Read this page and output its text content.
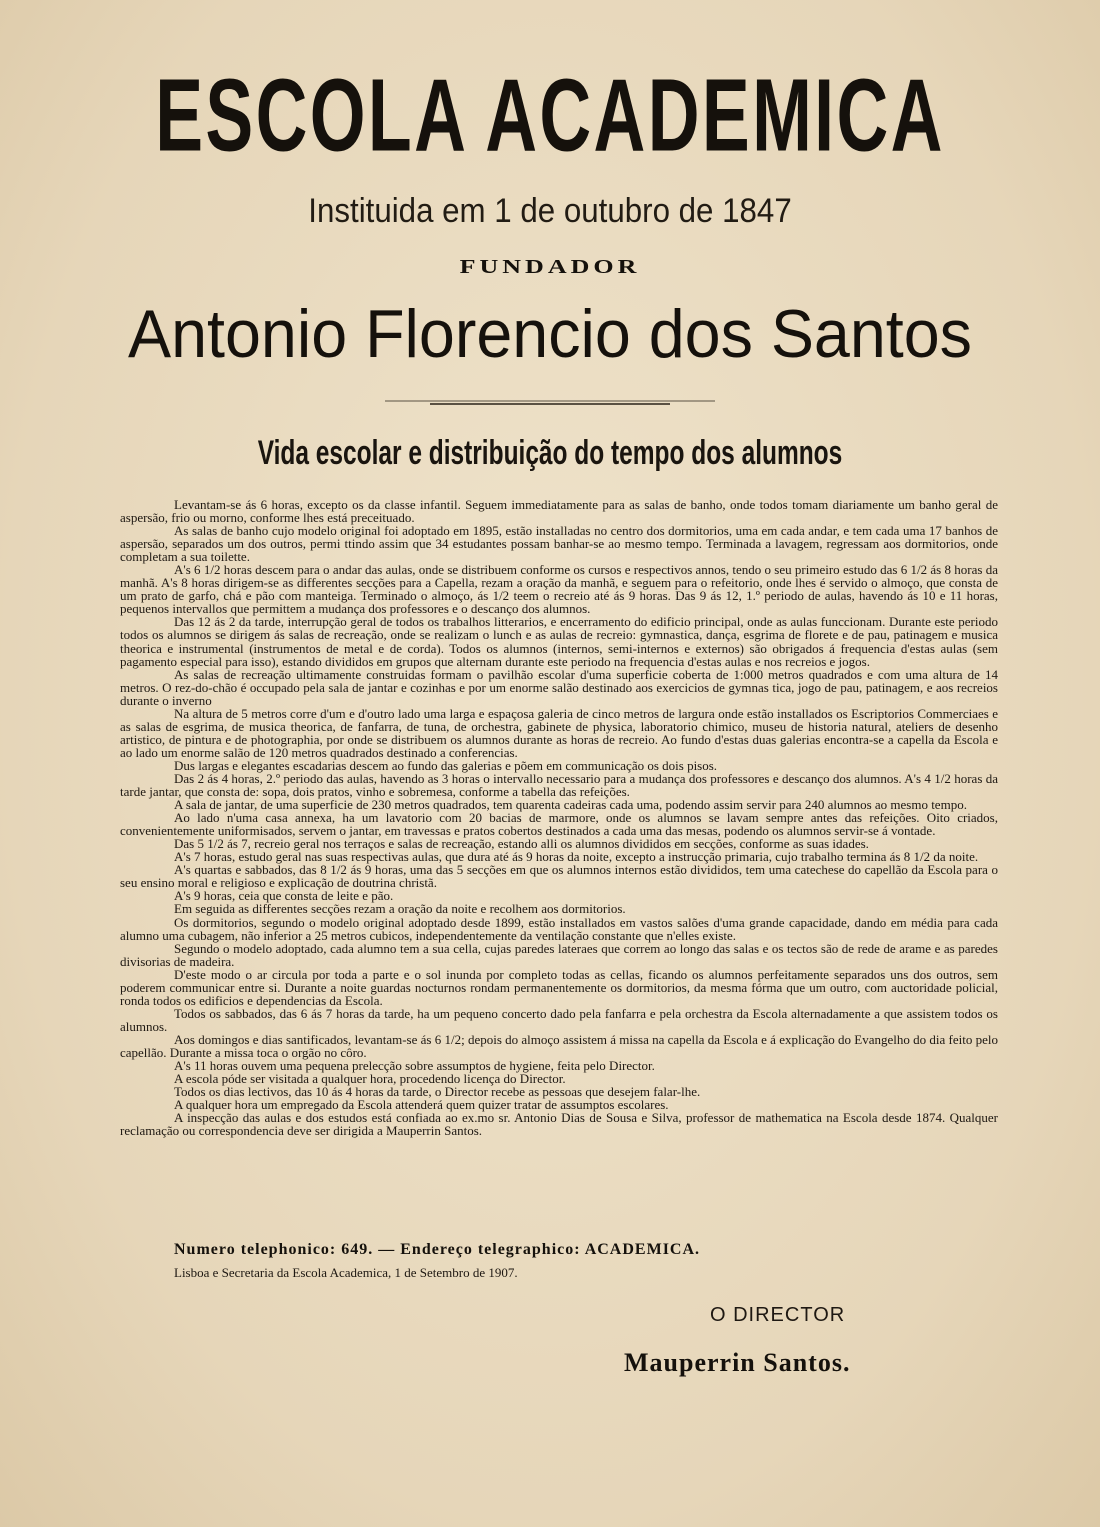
ESCOLA ACADEMICA
Instituida em 1 de outubro de 1847
FUNDADOR
Antonio Florencio dos Santos
Vida escolar e distribuição do tempo dos alumnos

Levantam-se ás 6 horas, excepto os da classe infantil. Seguem immediatamente para as salas de banho, onde todos tomam diariamente um banho geral de aspersão, frio ou morno, conforme lhes está preceituado.

As salas de banho cujo modelo original foi adoptado em 1895, estão installadas no centro dos dormitorios, uma em cada andar, e tem cada uma 17 banhos de aspersão, separados um dos outros, permi ttindo assim que 34 estudantes possam banhar-se ao mesmo tempo. Terminada a lavagem, regressam aos dormitorios, onde completam a sua toilette.

A's 6 1/2 horas descem para o andar das aulas, onde se distribuem conforme os cursos e respectivos annos, tendo o seu primeiro estudo das 6 1/2 ás 8 horas da manhã. A's 8 horas dirigem-se as differentes secções para a Capella, rezam a oração da manhã, e seguem para o refeitorio, onde lhes é servido o almoço, que consta de um prato de garfo, chá e pão com manteiga. Terminado o almoço, ás 1/2 teem o recreio até ás 9 horas. Das 9 ás 12, 1.º periodo de aulas, havendo ás 10 e 11 horas, pequenos intervallos que permittem a mudança dos professores e o descanço dos alumnos.

Das 12 ás 2 da tarde, interrupção geral de todos os trabalhos litterarios, e encerramento do edificio principal, onde as aulas funccionam. Durante este periodo todos os alumnos se dirigem ás salas de recreação, onde se realizam o lunch e as aulas de recreio: gymnastica, dança, esgrima de florete e de pau, patinagem e musica theorica e instrumental (instrumentos de metal e de corda). Todos os alumnos (internos, semi-internos e externos) são obrigados á frequencia d'estas aulas (sem pagamento especial para isso), estando divididos em grupos que alternam durante este periodo na frequencia d'estas aulas e nos recreios e jogos.

As salas de recreação ultimamente construidas formam o pavilhão escolar d'uma superficie coberta de 1:000 metros quadrados e com uma altura de 14 metros. O rez-do-chão é occupado pela sala de jantar e cozinhas e por um enorme salão destinado aos exercicios de gymnas tica, jogo de pau, patinagem, e aos recreios durante o inverno

Na altura de 5 metros corre d'um e d'outro lado uma larga e espaçosa galeria de cinco metros de largura onde estão installados os Escriptorios Commerciaes e as salas de esgrima, de musica theorica, de fanfarra, de tuna, de orchestra, gabinete de physica, laboratorio chimico, museu de historia natural, ateliers de desenho artistico, de pintura e de photographia, por onde se distribuem os alumnos durante as horas de recreio. Ao fundo d'estas duas galerias encontra-se a capella da Escola e ao lado um enorme salão de 120 metros quadrados destinado a conferencias.

Dus largas e elegantes escadarias descem ao fundo das galerias e põem em communicação os dois pisos.

Das 2 ás 4 horas, 2.º periodo das aulas, havendo as 3 horas o intervallo necessario para a mudança dos professores e descanço dos alumnos. A's 4 1/2 horas da tarde jantar, que consta de: sopa, dois pratos, vinho e sobremesa, conforme a tabella das refeições.

A sala de jantar, de uma superficie de 230 metros quadrados, tem quarenta cadeiras cada uma, podendo assim servir para 240 alumnos ao mesmo tempo.

Ao lado n'uma casa annexa, ha um lavatorio com 20 bacias de marmore, onde os alumnos se lavam sempre antes das refeições. Oito criados, convenientemente uniformisados, servem o jantar, em travessas e pratos cobertos destinados a cada uma das mesas, podendo os alumnos servir-se á vontade.

Das 5 1/2 ás 7, recreio geral nos terraços e salas de recreação, estando alli os alumnos divididos em secções, conforme as suas idades.

A's 7 horas, estudo geral nas suas respectivas aulas, que dura até ás 9 horas da noite, excepto a instrucção primaria, cujo trabalho termina ás 8 1/2 da noite.

A's quartas e sabbados, das 8 1/2 ás 9 horas, uma das 5 secções em que os alumnos internos estão divididos, tem uma catechese do capellão da Escola para o seu ensino moral e religioso e explicação de doutrina christã.

A's 9 horas, ceia que consta de leite e pão.

Em seguida as differentes secções rezam a oração da noite e recolhem aos dormitorios.

Os dormitorios, segundo o modelo original adoptado desde 1899, estão installados em vastos salões d'uma grande capacidade, dando em média para cada alumno uma cubagem, não inferior a 25 metros cubicos, independentemente da ventilação constante que n'elles existe.

Segundo o modelo adoptado, cada alumno tem a sua cella, cujas paredes lateraes que correm ao longo das salas e os tectos são de rede de arame e as paredes divisorias de madeira.

D'este modo o ar circula por toda a parte e o sol inunda por completo todas as cellas, ficando os alumnos perfeitamente separados uns dos outros, sem poderem communicar entre si. Durante a noite guardas nocturnos rondam permanentemente os dormitorios, da mesma fórma que um outro, com auctoridade policial, ronda todos os edificios e dependencias da Escola.

Todos os sabbados, das 6 ás 7 horas da tarde, ha um pequeno concerto dado pela fanfarra e pela orchestra da Escola alternadamente a que assistem todos os alumnos.

Aos domingos e dias santificados, levantam-se ás 6 1/2; depois do almoço assistem á missa na capella da Escola e á explicação do Evangelho do dia feito pelo capellão. Durante a missa toca o orgão no côro.

A's 11 horas ouvem uma pequena prelecção sobre assumptos de hygiene, feita pelo Director.

A escola póde ser visitada a qualquer hora, procedendo licença do Director.

Todos os dias lectivos, das 10 ás 4 horas da tarde, o Director recebe as pessoas que desejem falar-lhe.

A qualquer hora um empregado da Escola attenderá quem quizer tratar de assumptos escolares.

A inspecção das aulas e dos estudos está confiada ao ex.mo sr. Antonio Dias de Sousa e Silva, professor de mathematica na Escola desde 1874. Qualquer reclamação ou correspondencia deve ser dirigida a Mauperrin Santos.

Numero telephonico: 649. — Endereço telegraphico: ACADEMICA.
Lisboa e Secretaria da Escola Academica, 1 de Setembro de 1907.
O DIRECTOR
Mauperrin Santos.
